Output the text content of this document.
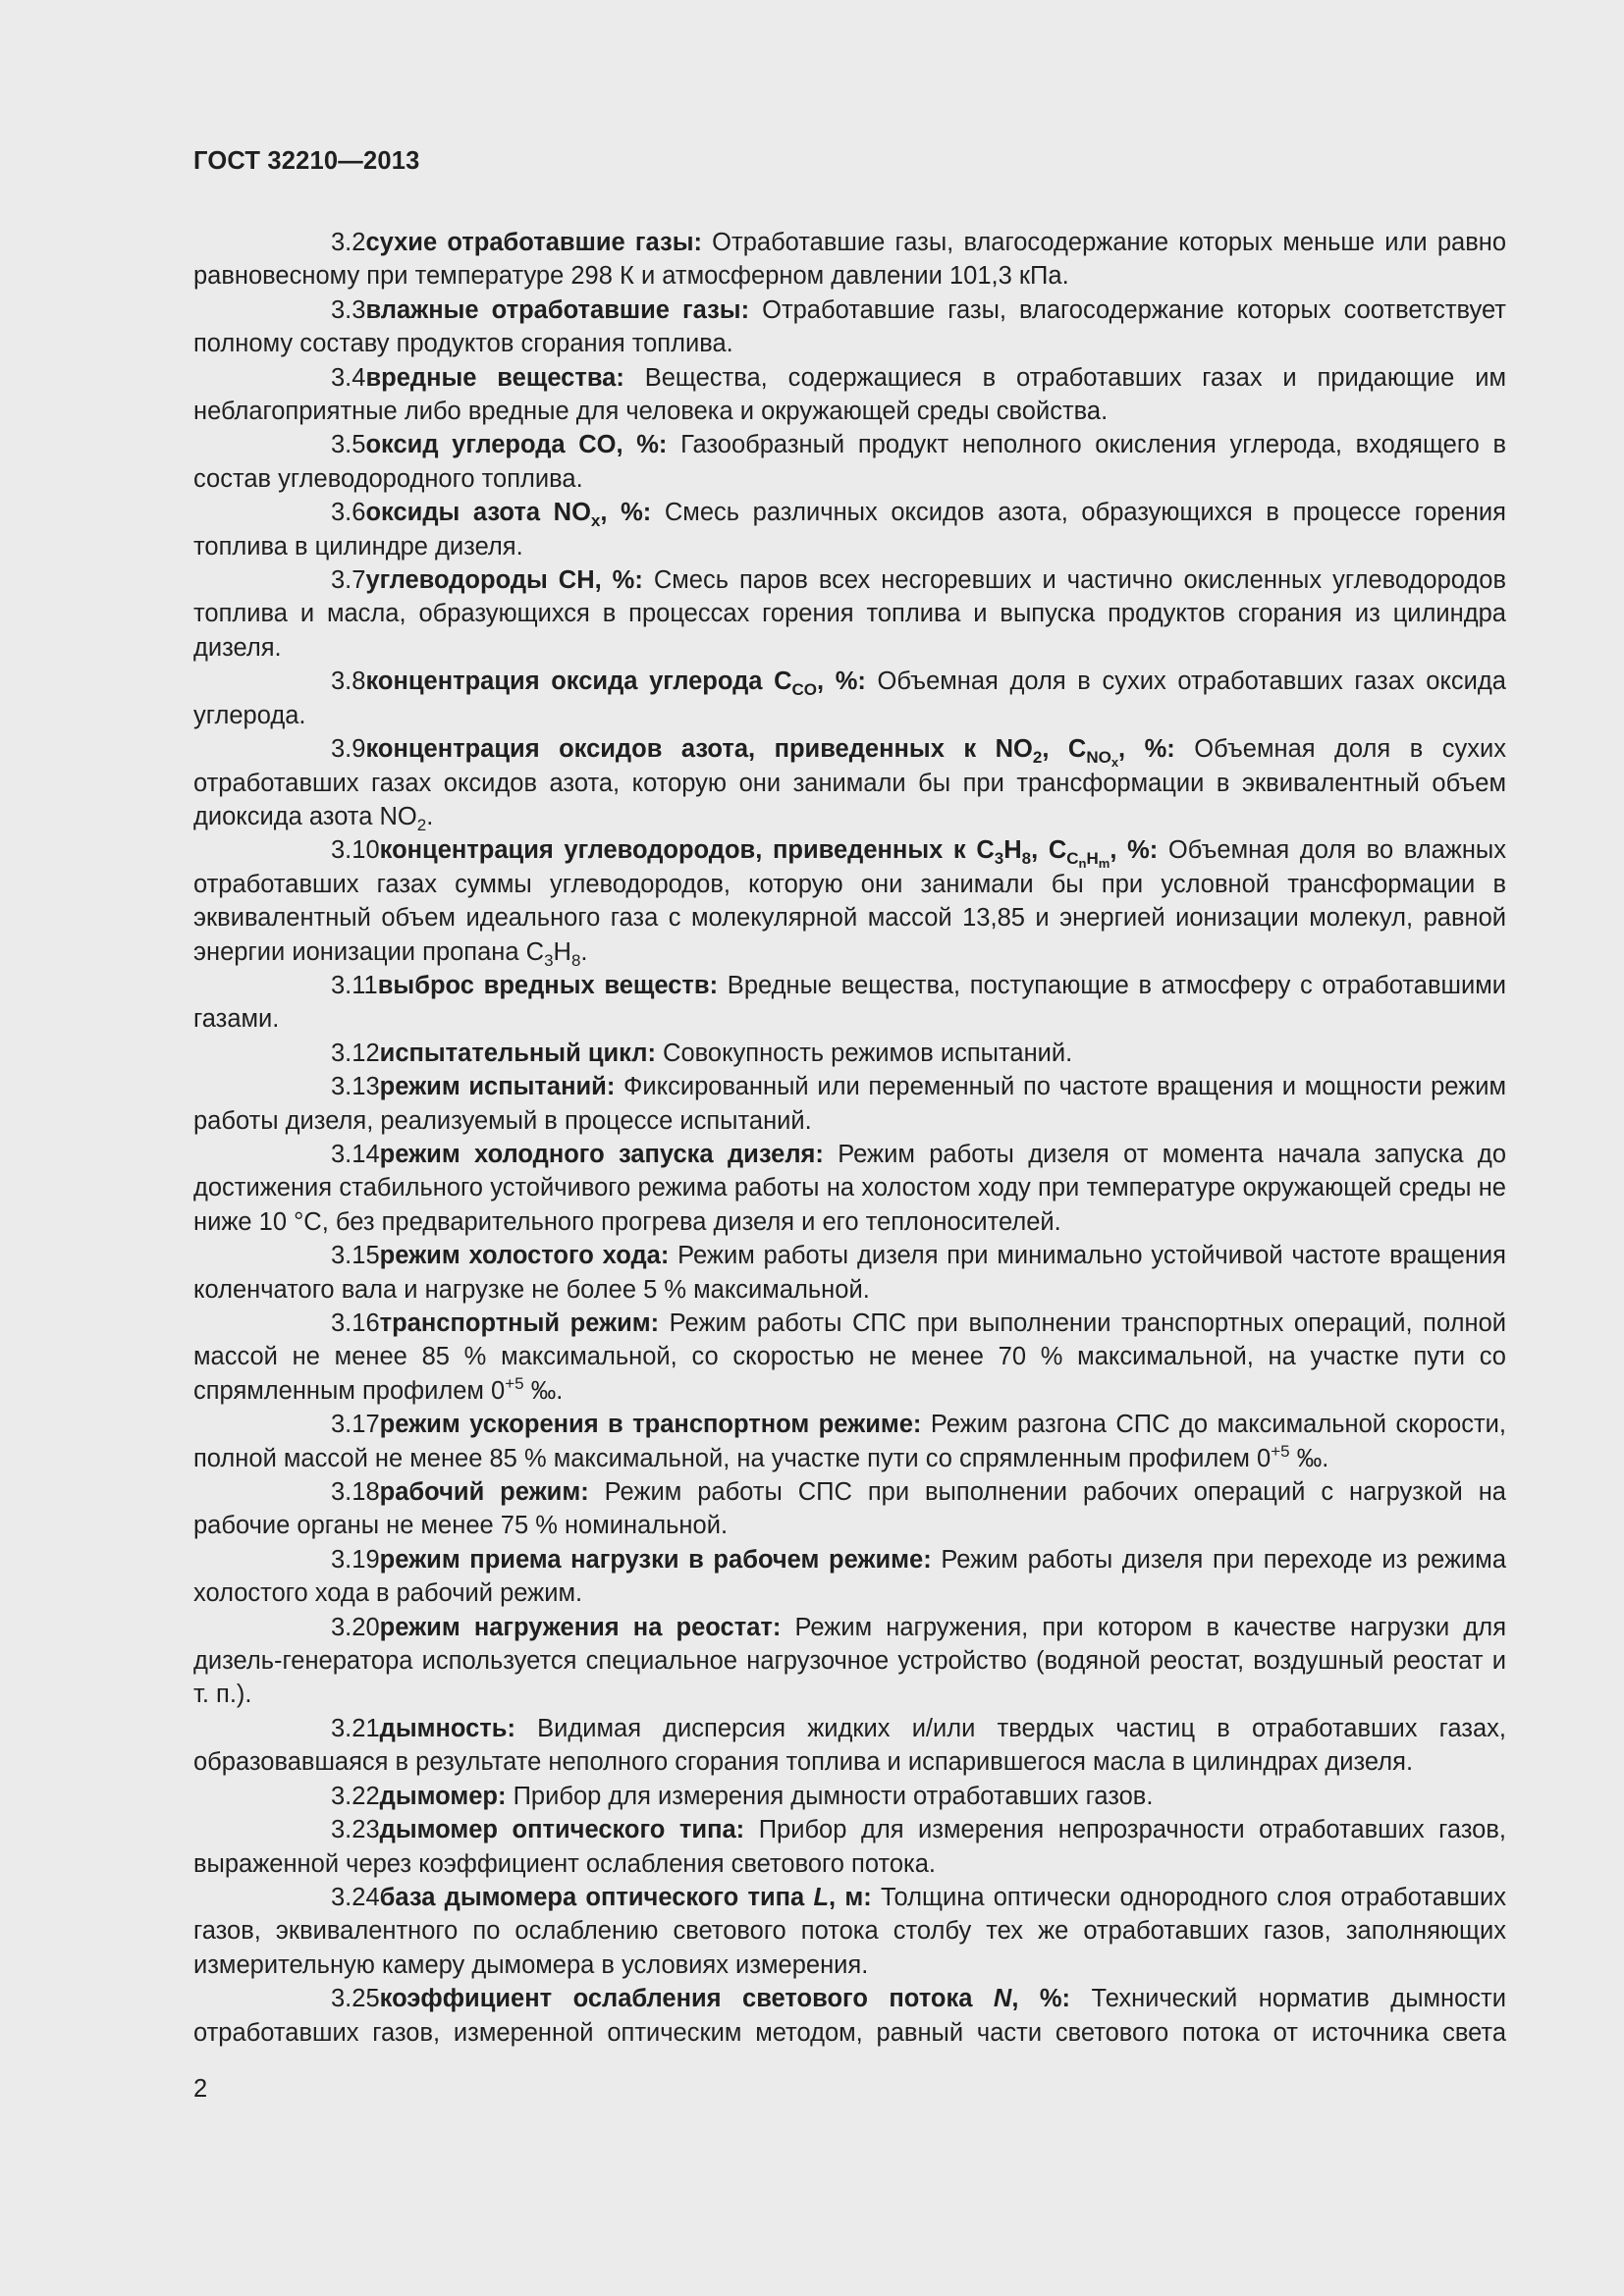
ГОСТ 32210—2013

3.2сухие отработавшие газы: Отработавшие газы, влагосодержание которых меньше или равно равновесному при температуре 298 К и атмосферном давлении 101,3 кПа.

3.3влажные отработавшие газы: Отработавшие газы, влагосодержание которых соответствует полному составу продуктов сгорания топлива.

3.4вредные вещества: Вещества, содержащиеся в отработавших газах и придающие им неблагоприятные либо вредные для человека и окружающей среды свойства.

3.5оксид углерода CO, %: Газообразный продукт неполного окисления углерода, входящего в состав углеводородного топлива.

3.6оксиды азота $NO_x$, %: Смесь различных оксидов азота, образующихся в процессе горения топлива в цилиндре дизеля.

3.7углеводороды CH, %: Смесь паров всех несгоревших и частично окисленных углеводородов топлива и масла, образующихся в процессах горения топлива и выпуска продуктов сгорания из цилиндра дизеля.

3.8концентрация оксида углерода $C_{CO}$, %: Объемная доля в сухих отработавших газах оксида углерода.

3.9концентрация оксидов азота, приведенных к $NO_2$, $C_{NO_x}$, %: Объемная доля в сухих отработавших газах оксидов азота, которую они занимали бы при трансформации в эквивалентный объем диоксида азота $NO_2$.

3.10концентрация углеводородов, приведенных к $C_3H_8$, $C_{C_nH_m}$, %: Объемная доля во влажных отработавших газах суммы углеводородов, которую они занимали бы при условной трансформации в эквивалентный объем идеального газа с молекулярной массой 13,85 и энергией ионизации молекул, равной энергии ионизации пропана $C_3H_8$.

3.11выброс вредных веществ: Вредные вещества, поступающие в атмосферу с отработавшими газами.

3.12испытательный цикл: Совокупность режимов испытаний.

3.13режим испытаний: Фиксированный или переменный по частоте вращения и мощности режим работы дизеля, реализуемый в процессе испытаний.

3.14режим холодного запуска дизеля: Режим работы дизеля от момента начала запуска до достижения стабильного устойчивого режима работы на холостом ходу при температуре окружающей среды не ниже 10 °С, без предварительного прогрева дизеля и его теплоносителей.

3.15режим холостого хода: Режим работы дизеля при минимально устойчивой частоте вращения коленчатого вала и нагрузке не более 5 % максимальной.

3.16транспортный режим: Режим работы СПС при выполнении транспортных операций, полной массой не менее 85 % максимальной, со скоростью не менее 70 % максимальной, на участке пути со спрямленным профилем $0^{+5}$ ‰.

3.17режим ускорения в транспортном режиме: Режим разгона СПС до максимальной скорости, полной массой не менее 85 % максимальной, на участке пути со спрямленным профилем $0^{+5}$ ‰.

3.18рабочий режим: Режим работы СПС при выполнении рабочих операций с нагрузкой на рабочие органы не менее 75 % номинальной.

3.19режим приема нагрузки в рабочем режиме: Режим работы дизеля при переходе из режима холостого хода в рабочий режим.

3.20режим нагружения на реостат: Режим нагружения, при котором в качестве нагрузки для дизель-генератора используется специальное нагрузочное устройство (водяной реостат, воздушный реостат и т. п.).

3.21дымность: Видимая дисперсия жидких и/или твердых частиц в отработавших газах, образовавшаяся в результате неполного сгорания топлива и испарившегося масла в цилиндрах дизеля.

3.22дымомер: Прибор для измерения дымности отработавших газов.

3.23дымомер оптического типа: Прибор для измерения непрозрачности отработавших газов, выраженной через коэффициент ослабления светового потока.

3.24база дымомера оптического типа L, м: Толщина оптически однородного слоя отработавших газов, эквивалентного по ослаблению светового потока столбу тех же отработавших газов, заполняющих измерительную камеру дымомера в условиях измерения.

3.25коэффициент ослабления светового потока N, %: Технический норматив дымности отработавших газов, измеренной оптическим методом, равный части светового потока от источника света

2
